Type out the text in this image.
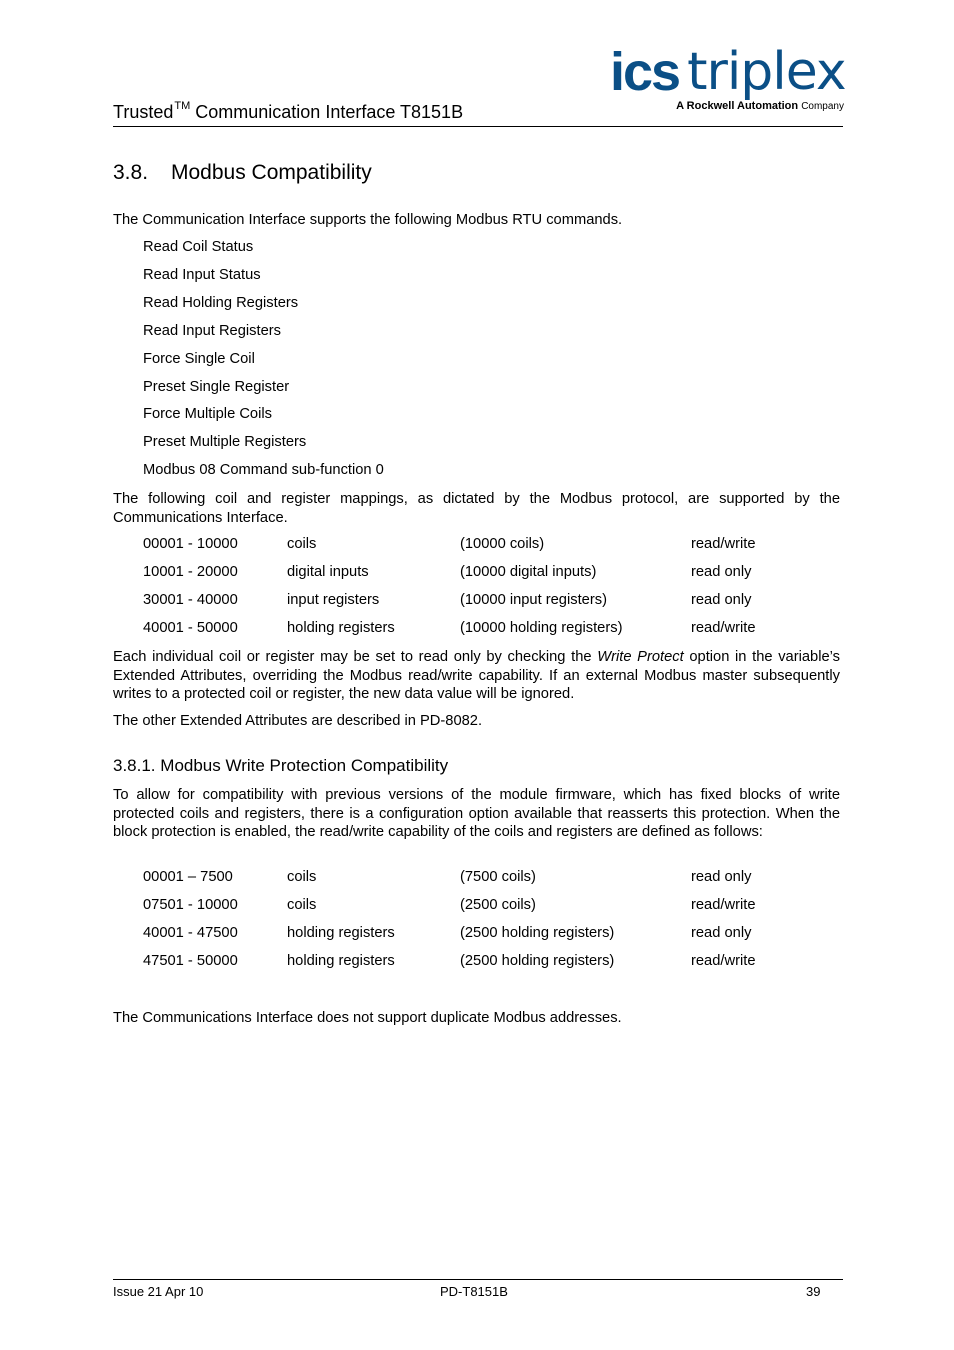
Trusted™ Communication Interface T8151B
ics triplex
A Rockwell Automation Company
3.8. Modbus Compatibility
The Communication Interface supports the following Modbus RTU commands.
Read Coil Status
Read Input Status
Read Holding Registers
Read Input Registers
Force Single Coil
Preset Single Register
Force Multiple Coils
Preset Multiple Registers
Modbus 08 Command sub-function 0
The following coil and register mappings, as dictated by the Modbus protocol, are supported by the Communications Interface.
00001 - 10000	coils	(10000 coils)	read/write
10001 - 20000	digital inputs	(10000 digital inputs)	read only
30001 - 40000	input registers	(10000 input registers)	read only
40001 - 50000	holding registers	(10000 holding registers)	read/write
Each individual coil or register may be set to read only by checking the Write Protect option in the variable’s Extended Attributes, overriding the Modbus read/write capability. If an external Modbus master subsequently writes to a protected coil or register, the new data value will be ignored.
The other Extended Attributes are described in PD-8082.
3.8.1. Modbus Write Protection Compatibility
To allow for compatibility with previous versions of the module firmware, which has fixed blocks of write protected coils and registers, there is a configuration option available that reasserts this protection. When the block protection is enabled, the read/write capability of the coils and registers are defined as follows:
00001 – 7500	coils	(7500 coils)	read only
07501 - 10000	coils	(2500 coils)	read/write
40001 - 47500	holding registers	(2500 holding registers)	read only
47501 - 50000	holding registers	(2500 holding registers)	read/write
The Communications Interface does not support duplicate Modbus addresses.
Issue 21 Apr 10	PD-T8151B	39
